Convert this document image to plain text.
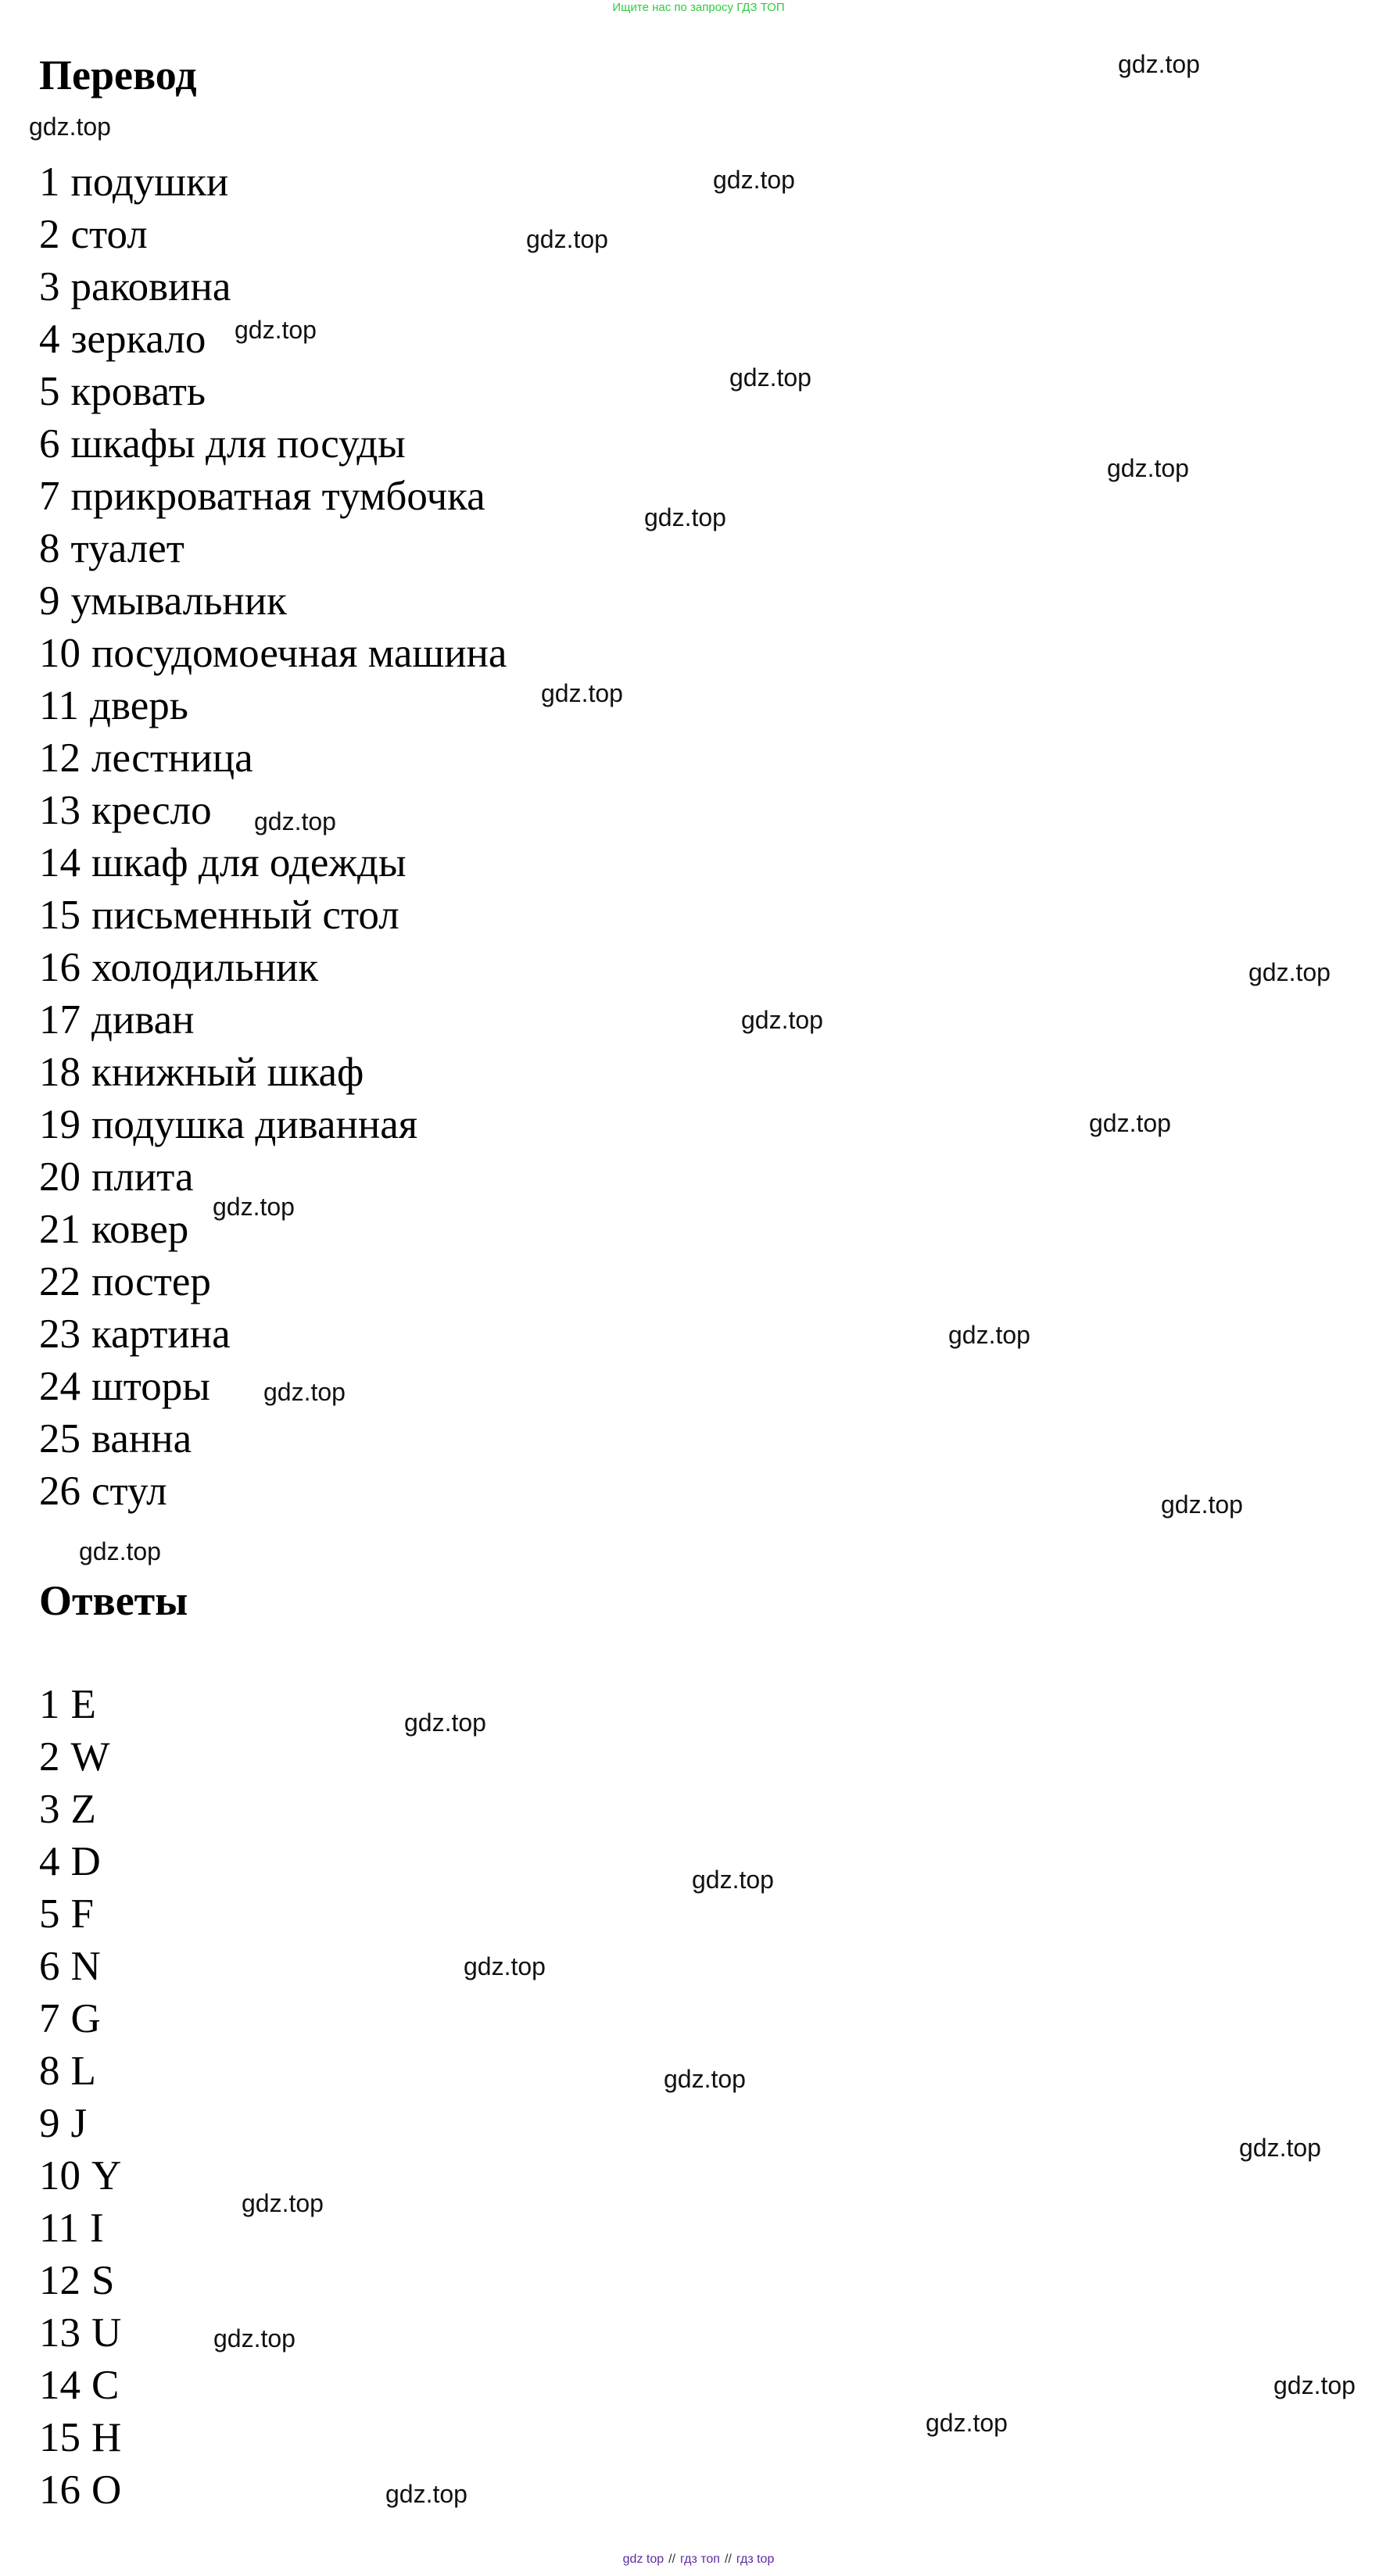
Ищите нас по запросу ГДЗ ТОП
Перевод
1 подушки
2 стол
3 раковина
4 зеркало
5 кровать
6 шкафы для посуды
7 прикроватная тумбочка
8 туалет
9 умывальник
10 посудомоечная машина
11 дверь
12 лестница
13 кресло
14 шкаф для одежды
15 письменный стол
16 холодильник
17 диван
18 книжный шкаф
19 подушка диванная
20 плита
21 ковер
22 постер
23 картина
24 шторы
25 ванна
26 стул
Ответы
1 E
2 W
3 Z
4 D
5 F
6 N
7 G
8 L
9 J
10 Y
11 I
12 S
13 U
14 C
15 H
16 O
gdz.top
gdz.top
gdz.top
gdz.top
gdz.top
gdz.top
gdz.top
gdz.top
gdz.top
gdz.top
gdz.top
gdz.top
gdz.top
gdz.top
gdz.top
gdz.top
gdz.top
gdz.top
gdz.top
gdz.top
gdz.top
gdz.top
gdz.top
gdz.top
gdz.top
gdz.top
gdz.top
gdz.top
gdz top // гдз топ // гдз top
